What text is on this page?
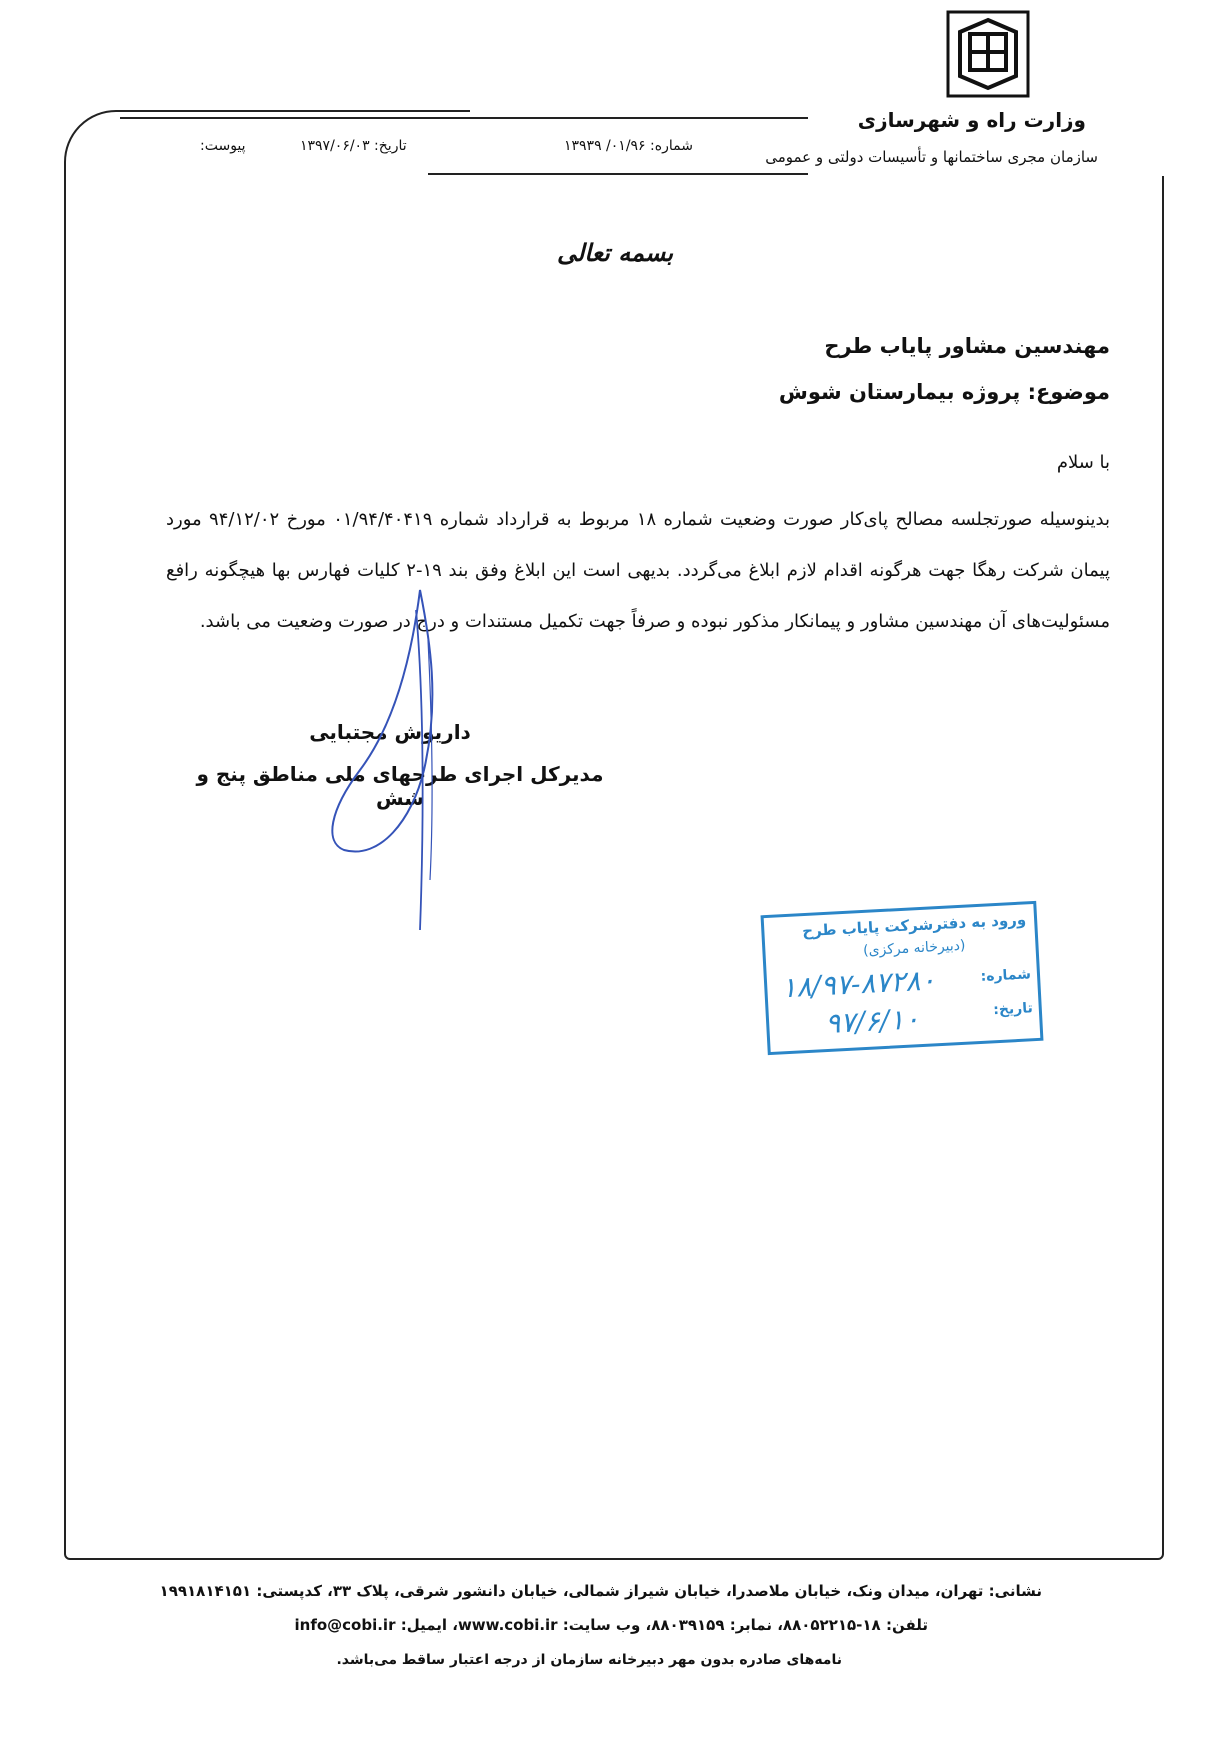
وزارت راه و شهرسازی
سازمان مجری ساختمانها و تأسیسات دولتی و عمومی
شماره: ۰۱/۹۶/ ۱۳۹۳۹
تاریخ: ۱۳۹۷/۰۶/۰۳
پیوست:
بسمه تعالی
مهندسین مشاور پایاب طرح
موضوع: پروژه بیمارستان شوش
با سلام
بدینوسیله صورتجلسه مصالح پای‌کار صورت وضعیت شماره ۱۸ مربوط به قرارداد شماره ۰۱/۹۴/۴۰۴۱۹ مورخ ۹۴/۱۲/۰۲ مورد پیمان شرکت رهگا جهت هرگونه اقدام لازم ابلاغ می‌گردد. بدیهی است این ابلاغ وفق بند ۱۹-۲ کلیات فهارس بها هیچگونه رافع مسئولیت‌های آن مهندسین مشاور و پیمانکار مذکور نبوده و صرفاً جهت تکمیل مستندات و درج در صورت وضعیت می باشد.
داریوش مجتبایی
مدیرکل اجرای طرحهای ملی مناطق پنج و شش
ورود به دفترشرکت پایاب طرح
(دبیرخانه مرکزی)
شماره:
۱۸/۹۷-۸۷۲۸۰
تاریخ:
۹۷/۶/۱۰
نشانی: تهران، میدان ونک، خیابان ملاصدرا، خیابان شیراز شمالی، خیابان دانشور شرقی، پلاک ۳۳، کدپستی: ۱۹۹۱۸۱۴۱۵۱
تلفن: ۱۸-۸۸۰۵۲۲۱۵، نمابر: ۸۸۰۳۹۱۵۹، وب سایت: www.cobi.ir، ایمیل: info@cobi.ir
نامه‌های صادره بدون مهر دبیرخانه سازمان از درجه اعتبار ساقط می‌باشد.
